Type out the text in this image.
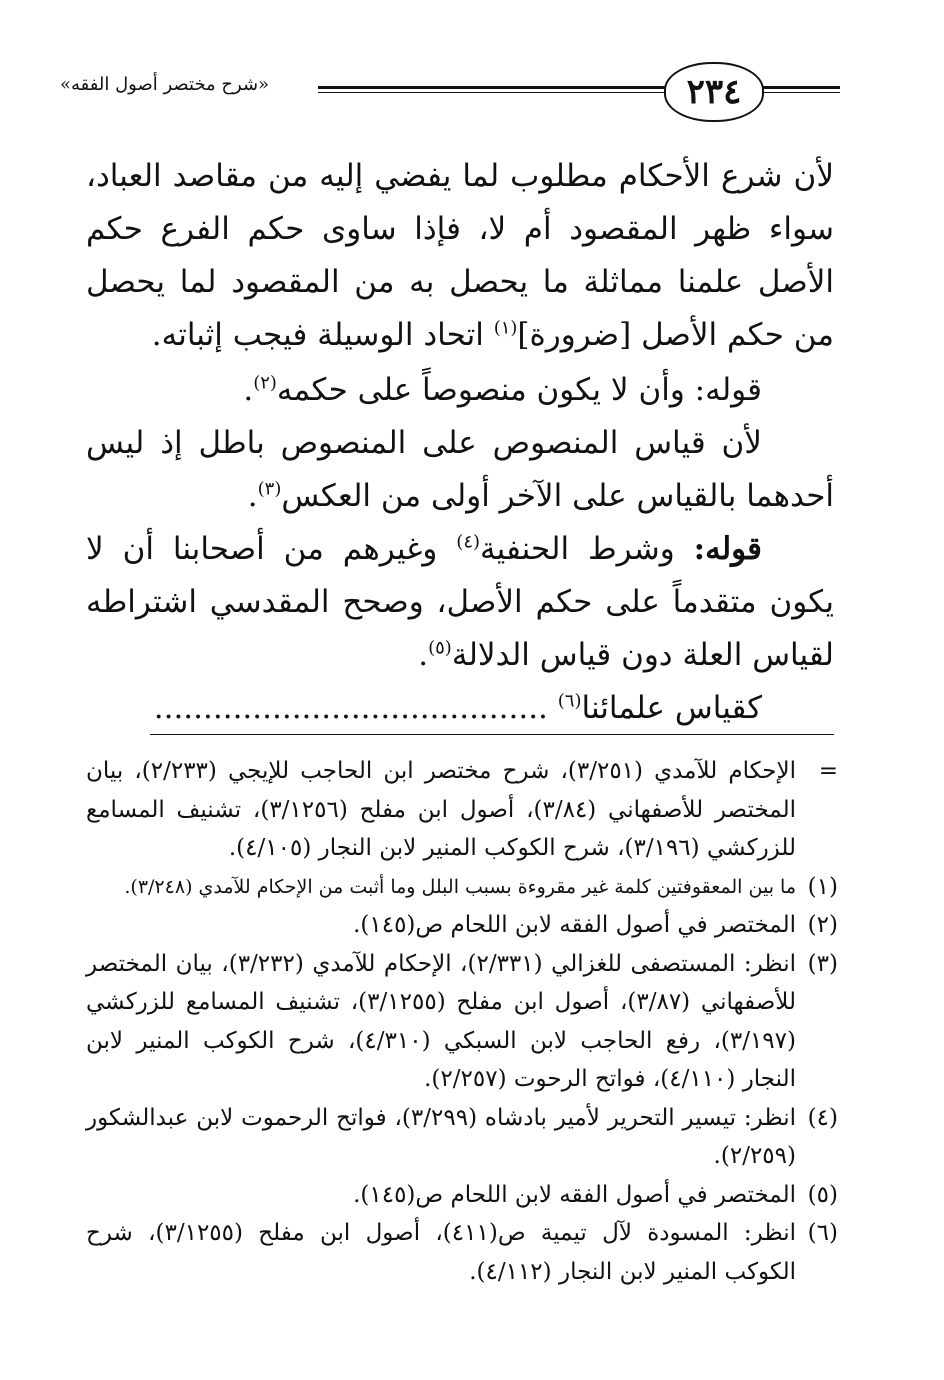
٢٣٤
«شرح مختصر أصول الفقه»

لأن شرع الأحكام مطلوب لما يفضي إليه من مقاصد العباد، سواء ظهر المقصود أم لا، فإذا ساوى حكم الفرع حكم الأصل علمنا مماثلة ما يحصل به من المقصود لما يحصل من حكم الأصل [ضرورة]$^{(١)}$ اتحاد الوسيلة فيجب إثباته.

قوله: وأن لا يكون منصوصاً على حكمه$^{(٢)}$.

لأن قياس المنصوص على المنصوص باطل إذ ليس أحدهما بالقياس على الآخر أولى من العكس$^{(٣)}$.

قوله: وشرط الحنفية$^{(٤)}$ وغيرهم من أصحابنا أن لا يكون متقدماً على حكم الأصل، وصحح المقدسي اشتراطه لقياس العلة دون قياس الدلالة$^{(٥)}$.

كقياس علمائنا$^{(٦)}$ ........................................

=
الإحكام للآمدي (٣/٢٥١)، شرح مختصر ابن الحاجب للإيجي (٢/٢٣٣)، بيان المختصر للأصفهاني (٣/٨٤)، أصول ابن مفلح (٣/١٢٥٦)، تشنيف المسامع للزركشي (٣/١٩٦)، شرح الكوكب المنير لابن النجار (٤/١٠٥).
(١)
ما بين المعقوفتين كلمة غير مقروءة بسبب البلل وما أثبت من الإحكام للآمدي (٣/٢٤٨).
(٢)
المختصر في أصول الفقه لابن اللحام ص(١٤٥).
(٣)
انظر: المستصفى للغزالي (٢/٣٣١)، الإحكام للآمدي (٣/٢٣٢)، بيان المختصر للأصفهاني (٣/٨٧)، أصول ابن مفلح (٣/١٢٥٥)، تشنيف المسامع للزركشي (٣/١٩٧)، رفع الحاجب لابن السبكي (٤/٣١٠)، شرح الكوكب المنير لابن النجار (٤/١١٠)، فواتح الرحوت (٢/٢٥٧).
(٤)
انظر: تيسير التحرير لأمير بادشاه (٣/٢٩٩)، فواتح الرحموت لابن عبدالشكور (٢/٢٥٩).
(٥)
المختصر في أصول الفقه لابن اللحام ص(١٤٥).
(٦)
انظر: المسودة لآل تيمية ص(٤١١)، أصول ابن مفلح (٣/١٢٥٥)، شرح الكوكب المنير لابن النجار (٤/١١٢).
